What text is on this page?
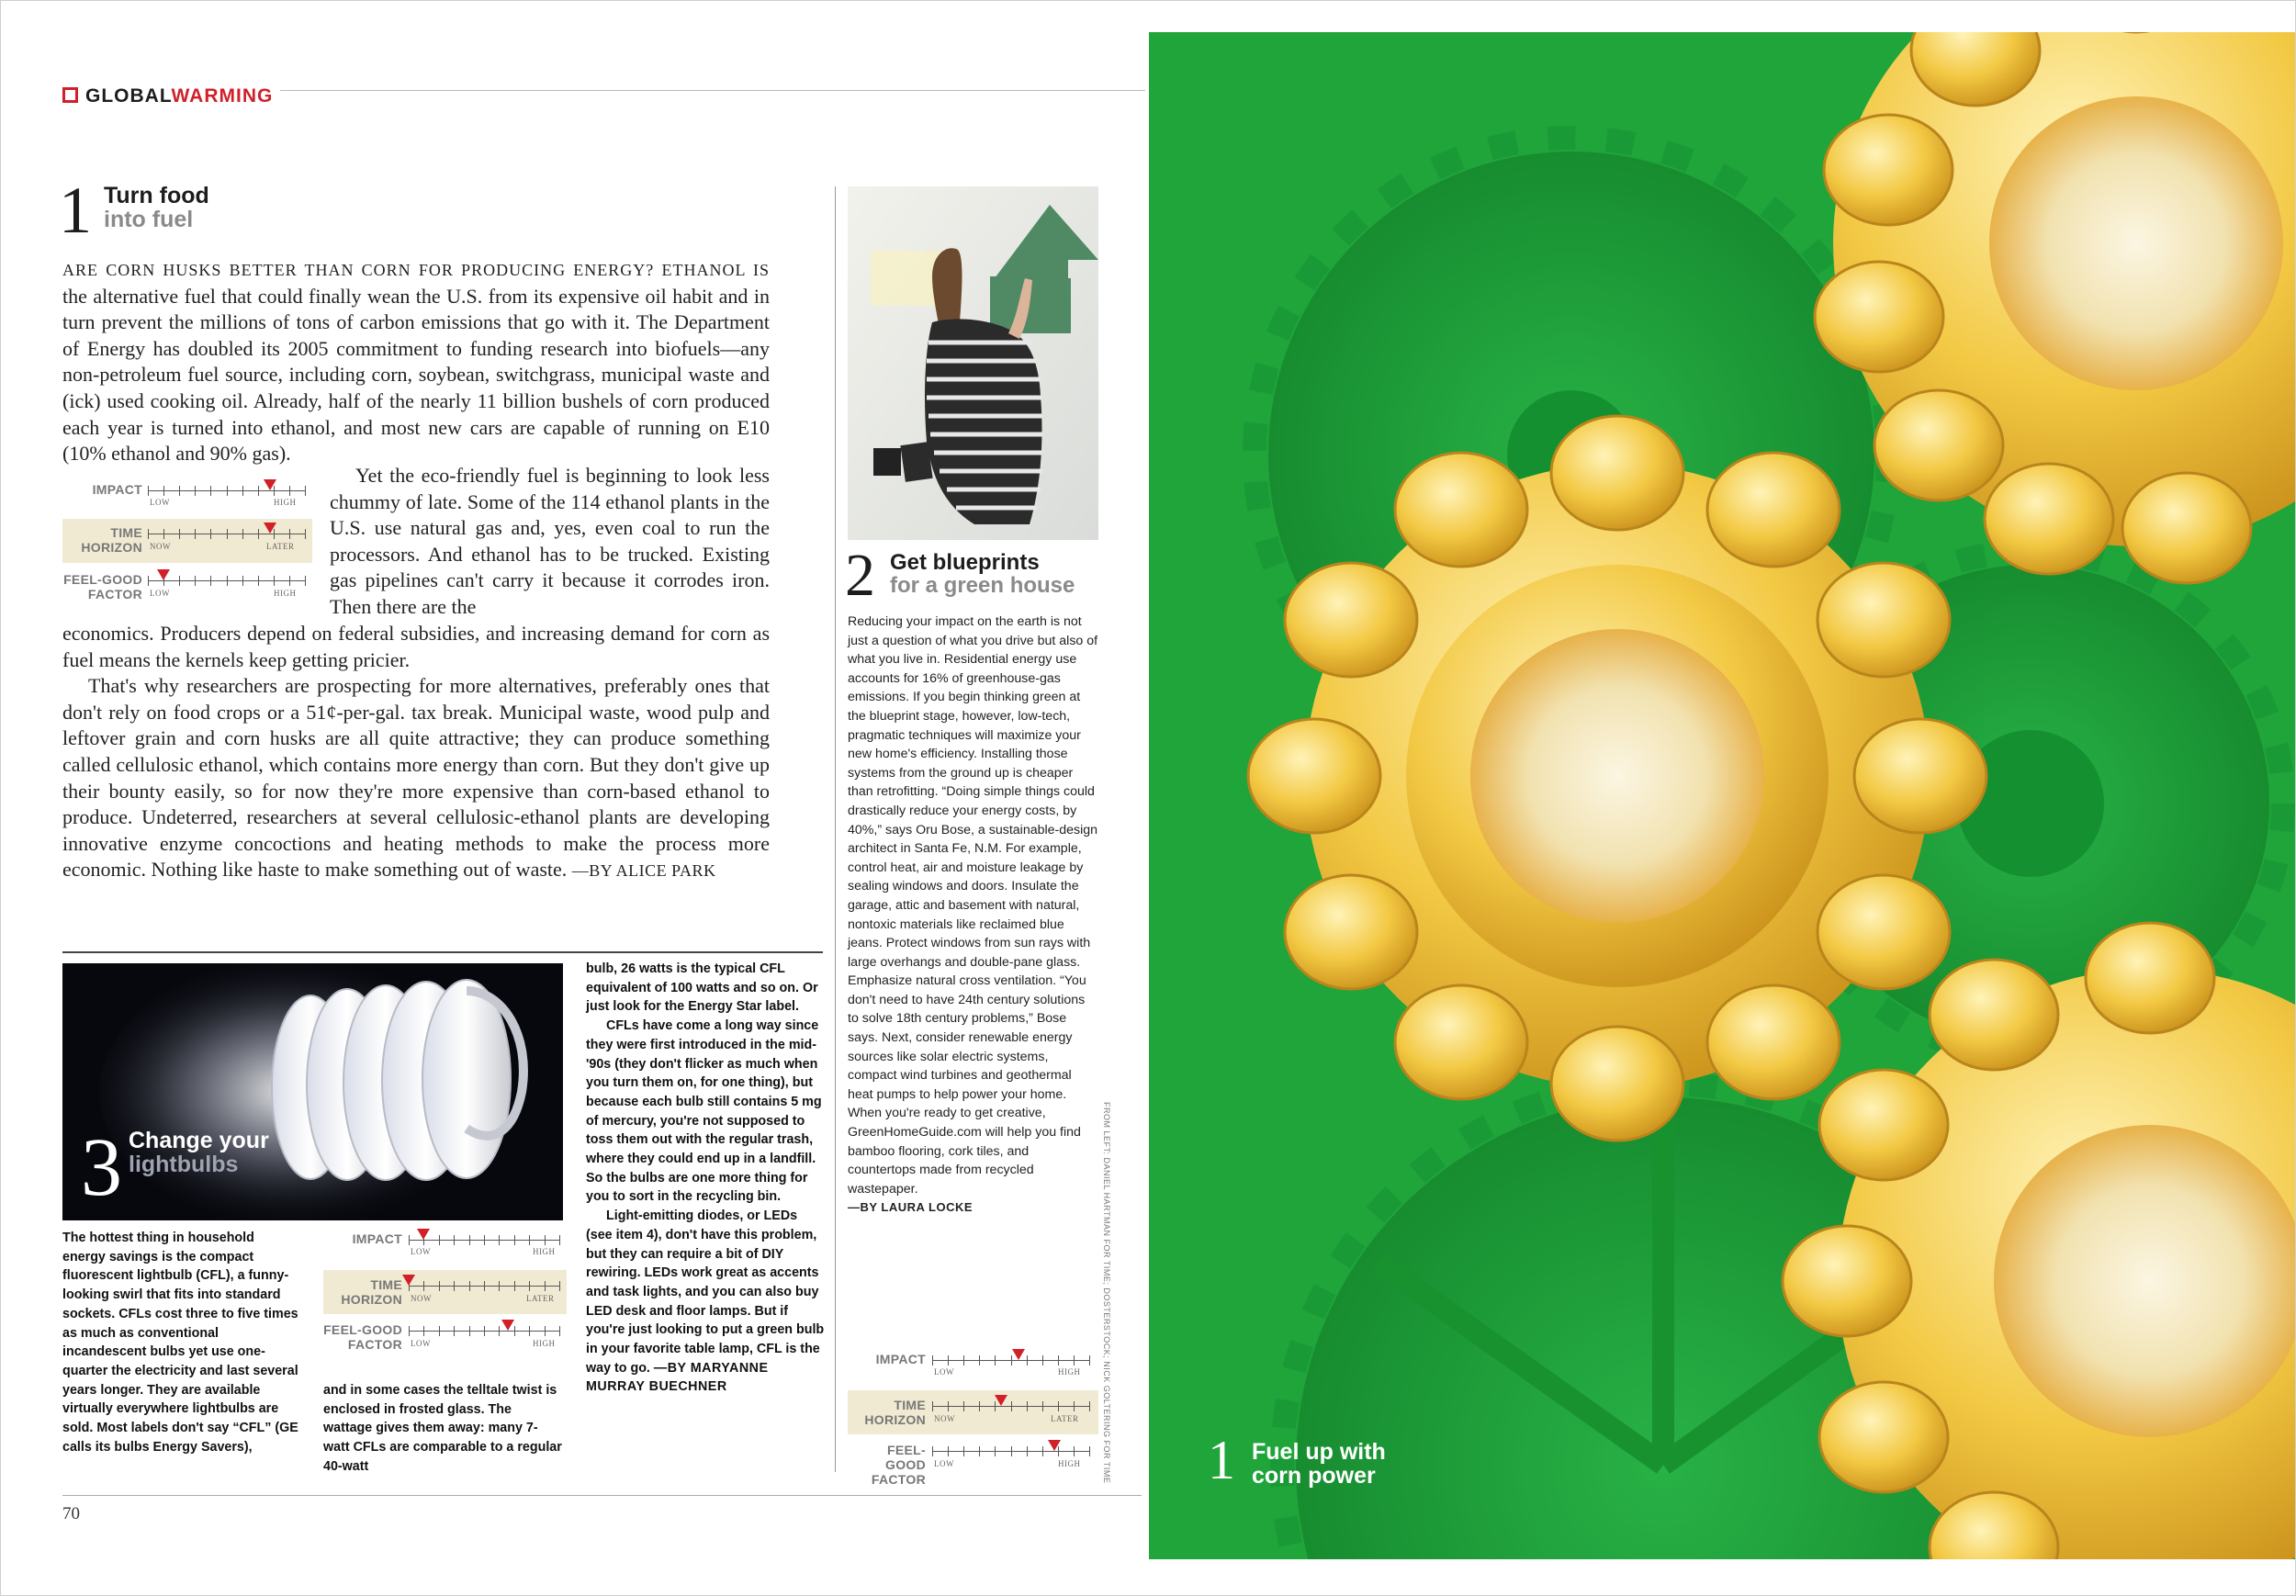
GLOBALWARMING
1 Turn food
into fuel

ARE CORN HUSKS BETTER THAN CORN FOR PRODUCING ENERGY? ETHANOL IS the alternative fuel that could finally wean the U.S. from its expensive oil habit and in turn prevent the millions of tons of carbon emissions that go with it. The Department of Energy has doubled its 2005 commitment to funding research into biofuels—any non-petroleum fuel source, including corn, soybean, switchgrass, municipal waste and (ick) used cooking oil. Already, half of the nearly 11 billion bushels of corn produced each year is turned into ethanol, and most new cars are capable of running on E10 (10% ethanol and 90% gas).

IMPACT
LOW	HIGH
TIME
HORIZON NOW	LATER
FEEL-GOOD
FACTOR LOW	HIGH
Yet the eco-friendly fuel is beginning to look less chummy of late. Some of the 114 ethanol plants in the U.S. use natural gas and, yes, even coal to run the processors. And ethanol has to be trucked. Existing gas pipelines can't carry it because it corrodes iron. Then there are the

economics. Producers depend on federal subsidies, and increasing demand for corn as fuel means the kernels keep getting pricier.

That's why researchers are prospecting for more alternatives, preferably ones that don't rely on food crops or a 51¢-per-gal. tax break. Municipal waste, wood pulp and leftover grain and corn husks are all quite attractive; they can produce something called cellulosic ethanol, which contains more energy than corn. But they don't give up their bounty easily, so for now they're more expensive than corn-based ethanol to produce. Undeterred, researchers at several cellulosic-ethanol plants are developing innovative enzyme concoctions and heating methods to make the process more economic. Nothing like haste to make something out of waste. —BY ALICE PARK

2 Get blueprints
for a green house
Reducing your impact on the earth is not just a question of what you drive but also of what you live in. Residential energy use accounts for 16% of greenhouse-gas emissions. If you begin thinking green at the blueprint stage, however, low-tech, pragmatic techniques will maximize your new home's efficiency. Installing those systems from the ground up is cheaper than retrofitting. “Doing simple things could drastically reduce your energy costs, by 40%,” says Oru Bose, a sustainable-design architect in Santa Fe, N.M. For example, control heat, air and moisture leakage by sealing windows and doors. Insulate the garage, attic and basement with natural, nontoxic materials like reclaimed blue jeans. Protect windows from sun rays with large overhangs and double-pane glass. Emphasize natural cross ventilation. “You don't need to have 24th century solutions to solve 18th century problems,” Bose says. Next, consider renewable energy sources like solar electric systems, compact wind turbines and geothermal heat pumps to help power your home. When you're ready to get creative, GreenHomeGuide.com will help you find bamboo flooring, cork tiles, and countertops made from recycled wastepaper.
—BY LAURA LOCKE
IMPACT
LOW	HIGH
TIME
HORIZON NOW	LATER
FEEL-GOOD
FACTOR
LOW	HIGH	FROM LEFT: DANIEL HARTMAN FOR TIME; DOSTERSTOCK; NICK GOLTERING FOR TIME
3 Change your
lightbulbs
The hottest thing in household energy savings is the compact fluorescent lightbulb (CFL), a funny-looking swirl that fits into standard sockets. CFLs cost three to five times as much as conventional incandescent bulbs yet use one-quarter the electricity and last several years longer. They are available virtually everywhere lightbulbs are sold. Most labels don't say “CFL” (GE calls its bulbs Energy Savers),
IMPACT
LOW	HIGH
TIME
HORIZON NOW	LATER
FEEL-GOOD
FACTOR LOW	HIGH
and in some cases the telltale twist is enclosed in frosted glass. The wattage gives them away: many 7-watt CFLs are comparable to a regular 40-watt

bulb, 26 watts is the typical CFL equivalent of 100 watts and so on. Or just look for the Energy Star label.

CFLs have come a long way since they were first introduced in the mid-'90s (they don't flicker as much when you turn them on, for one thing), but because each bulb still contains 5 mg of mercury, you're not supposed to toss them out with the regular trash, where they could end up in a landfill. So the bulbs are one more thing for you to sort in the recycling bin.

Light-emitting diodes, or LEDs (see item 4), don't have this problem, but they can require a bit of DIY rewiring. LEDs work great as accents and task lights, and you can also buy LED desk and floor lamps. But if you're just looking to put a green bulb in your favorite table lamp, CFL is the way to go. —BY MARYANNE MURRAY BUECHNER

70
1 Fuel up with
corn power
